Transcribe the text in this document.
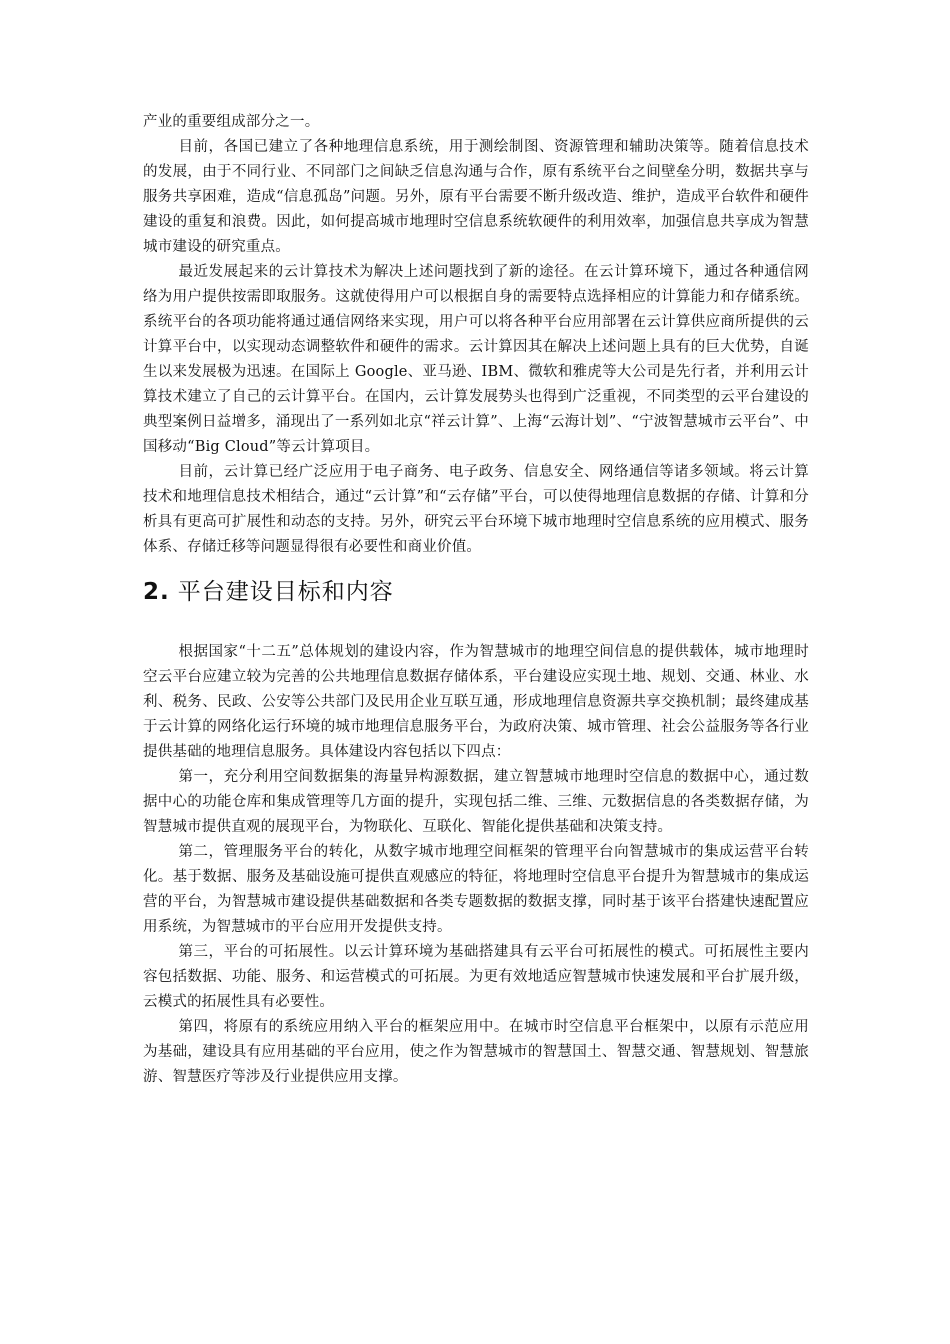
产业的重要组成部分之一。

目前，各国已建立了各种地理信息系统，用于测绘制图、资源管理和辅助决策等。随着信息技术的发展，由于不同行业、不同部门之间缺乏信息沟通与合作，原有系统平台之间壁垒分明，数据共享与服务共享困难，造成“信息孤岛”问题。另外，原有平台需要不断升级改造、维护，造成平台软件和硬件建设的重复和浪费。因此，如何提高城市地理时空信息系统软硬件的利用效率，加强信息共享成为智慧城市建设的研究重点。

最近发展起来的云计算技术为解决上述问题找到了新的途径。在云计算环境下，通过各种通信网络为用户提供按需即取服务。这就使得用户可以根据自身的需要特点选择相应的计算能力和存储系统。系统平台的各项功能将通过通信网络来实现，用户可以将各种平台应用部署在云计算供应商所提供的云计算平台中，以实现动态调整软件和硬件的需求。云计算因其在解决上述问题上具有的巨大优势，自诞生以来发展极为迅速。在国际上 Google、亚马逊、IBM、微软和雅虎等大公司是先行者，并利用云计算技术建立了自己的云计算平台。在国内，云计算发展势头也得到广泛重视，不同类型的云平台建设的典型案例日益增多，涌现出了一系列如北京“祥云计算”、上海“云海计划”、“宁波智慧城市云平台”、中国移动“Big Cloud”等云计算项目。

目前，云计算已经广泛应用于电子商务、电子政务、信息安全、网络通信等诸多领域。将云计算技术和地理信息技术相结合，通过“云计算”和“云存储”平台，可以使得地理信息数据的存储、计算和分析具有更高可扩展性和动态的支持。另外，研究云平台环境下城市地理时空信息系统的应用模式、服务体系、存储迁移等问题显得很有必要性和商业价值。

2. 平台建设目标和内容

根据国家“十二五”总体规划的建设内容，作为智慧城市的地理空间信息的提供载体，城市地理时空云平台应建立较为完善的公共地理信息数据存储体系，平台建设应实现土地、规划、交通、林业、水利、税务、民政、公安等公共部门及民用企业互联互通，形成地理信息资源共享交换机制；最终建成基于云计算的网络化运行环境的城市地理信息服务平台，为政府决策、城市管理、社会公益服务等各行业提供基础的地理信息服务。具体建设内容包括以下四点：

第一，充分利用空间数据集的海量异构源数据，建立智慧城市地理时空信息的数据中心，通过数据中心的功能仓库和集成管理等几方面的提升，实现包括二维、三维、元数据信息的各类数据存储，为智慧城市提供直观的展现平台，为物联化、互联化、智能化提供基础和决策支持。

第二，管理服务平台的转化，从数字城市地理空间框架的管理平台向智慧城市的集成运营平台转化。基于数据、服务及基础设施可提供直观感应的特征，将地理时空信息平台提升为智慧城市的集成运营的平台，为智慧城市建设提供基础数据和各类专题数据的数据支撑，同时基于该平台搭建快速配置应用系统，为智慧城市的平台应用开发提供支持。

第三，平台的可拓展性。以云计算环境为基础搭建具有云平台可拓展性的模式。可拓展性主要内容包括数据、功能、服务、和运营模式的可拓展。为更有效地适应智慧城市快速发展和平台扩展升级，云模式的拓展性具有必要性。

第四，将原有的系统应用纳入平台的框架应用中。在城市时空信息平台框架中，以原有示范应用为基础，建设具有应用基础的平台应用，使之作为智慧城市的智慧国土、智慧交通、智慧规划、智慧旅游、智慧医疗等涉及行业提供应用支撑。
